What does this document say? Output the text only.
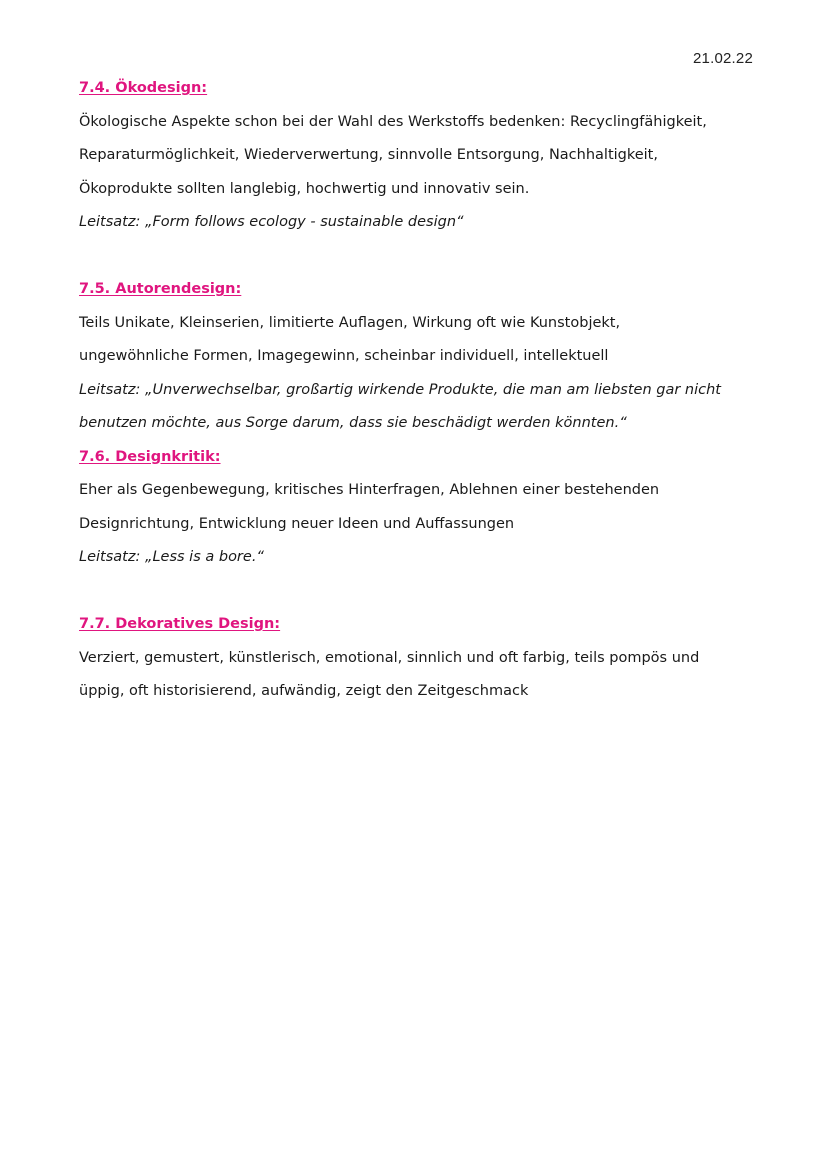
21.02.22
7.4. Ökodesign:
Ökologische Aspekte schon bei der Wahl des Werkstoffs bedenken: Recyclingfähigkeit,
Reparaturmöglichkeit, Wiederverwertung, sinnvolle Entsorgung, Nachhaltigkeit,
Ökoprodukte sollten langlebig, hochwertig und innovativ sein.
Leitsatz: „Form follows ecology - sustainable design“
7.5. Autorendesign:
Teils Unikate, Kleinserien, limitierte Auflagen, Wirkung oft wie Kunstobjekt,
ungewöhnliche Formen, Imagegewinn, scheinbar individuell, intellektuell
Leitsatz: „Unverwechselbar, großartig wirkende Produkte, die man am liebsten gar nicht
benutzen möchte, aus Sorge darum, dass sie beschädigt werden könnten.“
7.6. Designkritik:
Eher als Gegenbewegung, kritisches Hinterfragen, Ablehnen einer bestehenden
Designrichtung, Entwicklung neuer Ideen und Auffassungen
Leitsatz: „Less is a bore.“
7.7. Dekoratives Design:
Verziert, gemustert, künstlerisch, emotional, sinnlich und oft farbig, teils pompös und
üppig, oft historisierend, aufwändig, zeigt den Zeitgeschmack
